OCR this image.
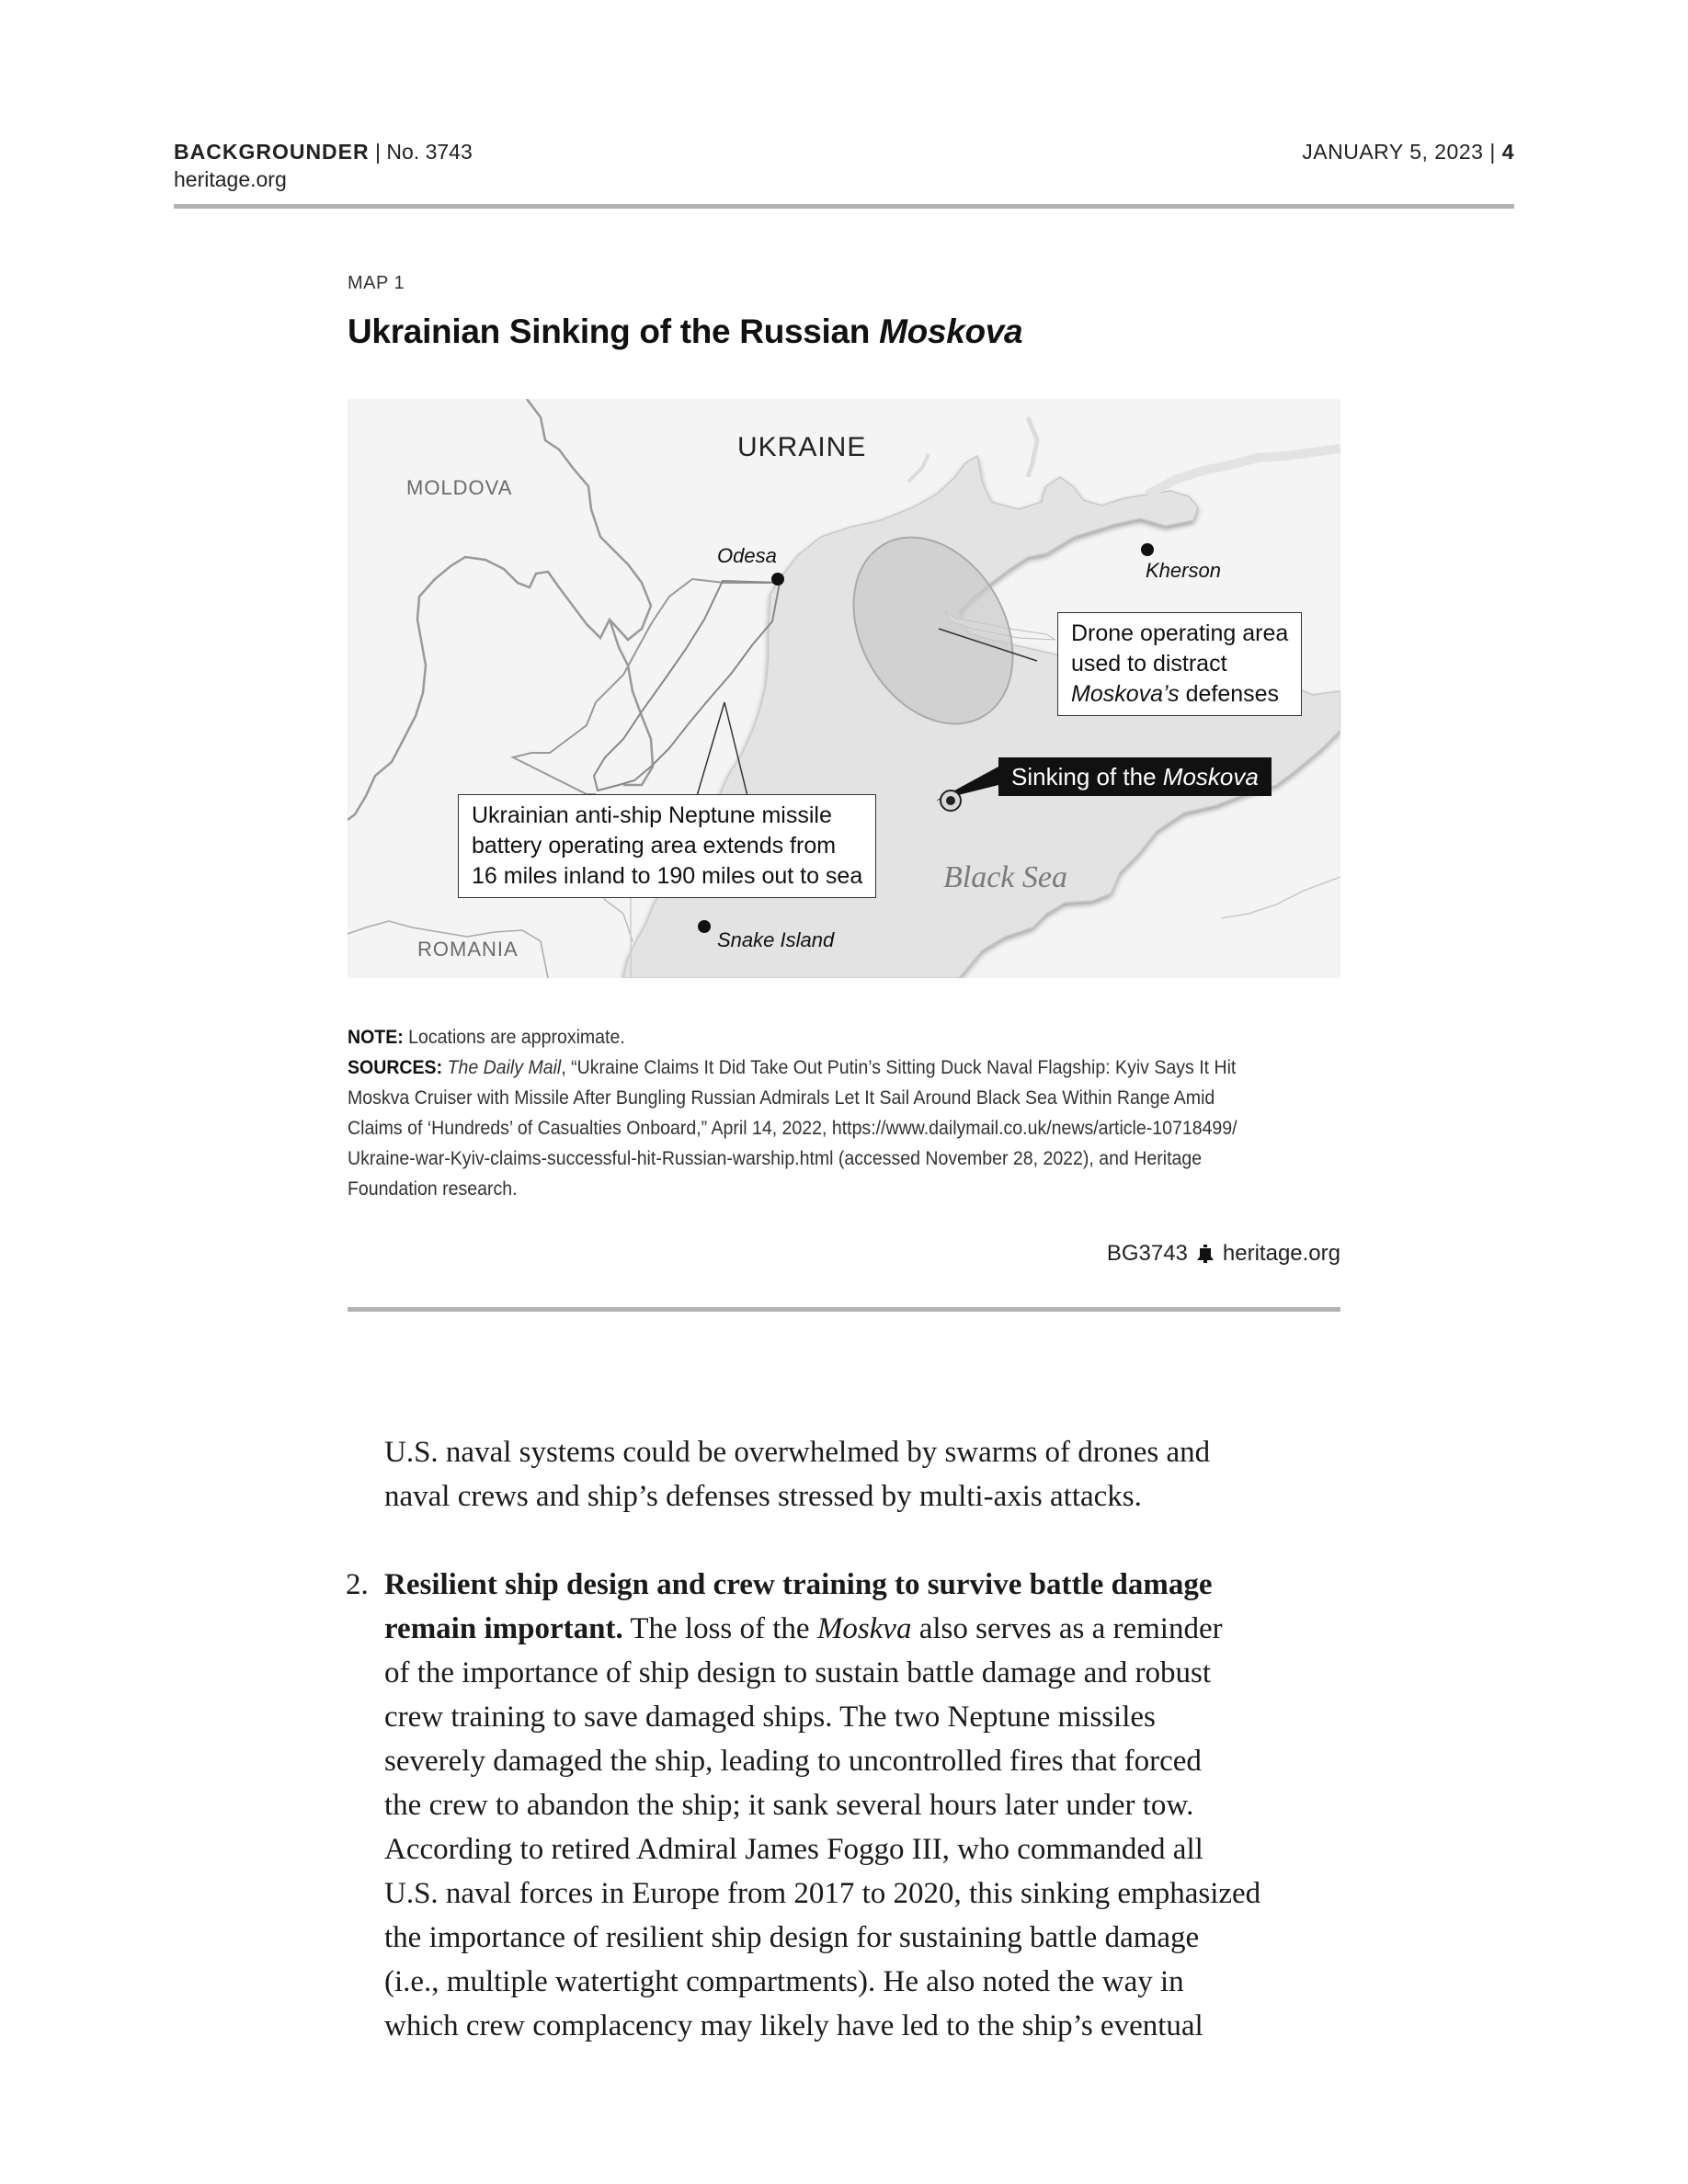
BACKGROUNDER | No. 3743
heritage.org
JANUARY 5, 2023 | 4
MAP 1
Ukrainian Sinking of the Russian Moskova
UKRAINE
MOLDOVA
ROMANIA
Odesa
Kherson
Snake Island
Black Sea
Drone operating area
used to distract
Moskova’s defenses
Sinking of the Moskova
Ukrainian anti-ship Neptune missile
battery operating area extends from
16 miles inland to 190 miles out to sea
NOTE: Locations are approximate.
SOURCES: The Daily Mail, “Ukraine Claims It Did Take Out Putin’s Sitting Duck Naval Flagship: Kyiv Says It Hit
Moskva Cruiser with Missile After Bungling Russian Admirals Let It Sail Around Black Sea Within Range Amid
Claims of ‘Hundreds’ of Casualties Onboard,” April 14, 2022, https://www.dailymail.co.uk/news/article-10718499/
Ukraine-war-Kyiv-claims-successful-hit-Russian-warship.html (accessed November 28, 2022), and Heritage
Foundation research.
BG3743 heritage.org
U.S. naval systems could be overwhelmed by swarms of drones and
naval crews and ship’s defenses stressed by multi-axis attacks.
2. Resilient ship design and crew training to survive battle damage
remain important. The loss of the Moskva also serves as a reminder
of the importance of ship design to sustain battle damage and robust
crew training to save damaged ships. The two Neptune missiles
severely damaged the ship, leading to uncontrolled fires that forced
the crew to abandon the ship; it sank several hours later under tow.
According to retired Admiral James Foggo III, who commanded all
U.S. naval forces in Europe from 2017 to 2020, this sinking emphasized
the importance of resilient ship design for sustaining battle damage
(i.e., multiple watertight compartments). He also noted the way in
which crew complacency may likely have led to the ship’s eventual
